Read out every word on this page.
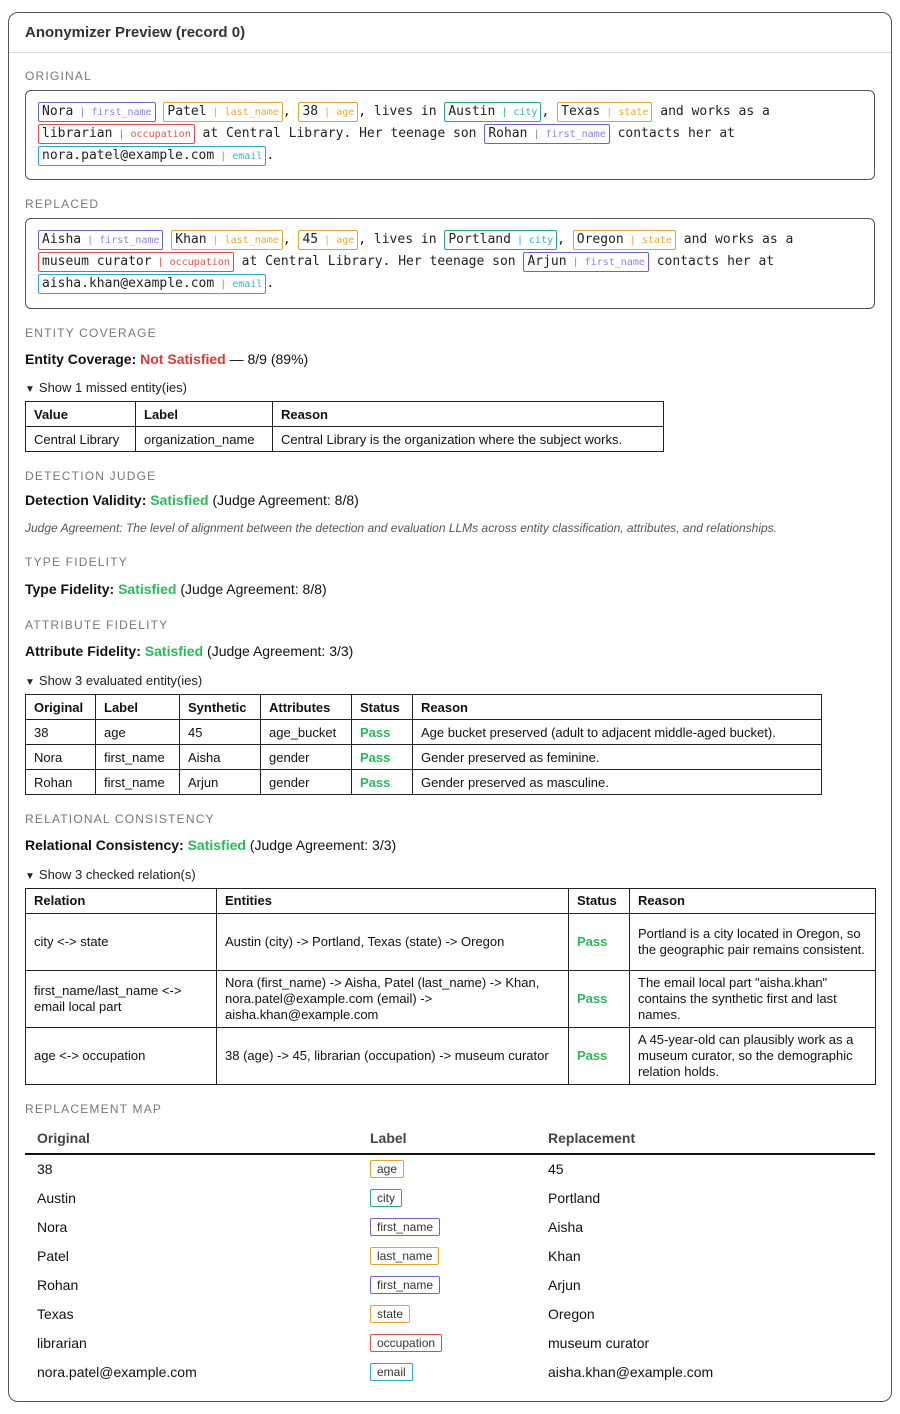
Anonymizer Preview (record 0)
ORIGINAL
Nora | first_name Patel | last_name , 38 | age , lives in Austin | city , Texas | state and works as a
librarian | occupation at Central Library. Her teenage son Rohan | first_name contacts her at
nora.patel@example.com | email .
REPLACED
Aisha | first_name Khan | last_name , 45 | age , lives in Portland | city , Oregon | state and works as a
museum curator | occupation at Central Library. Her teenage son Arjun | first_name contacts her at
aisha.khan@example.com | email .
ENTITY COVERAGE
Entity Coverage: Not Satisfied — 8/9 (89%)
▼ Show 1 missed entity(ies)
Value	Label	Reason
Central Library	organization_name	Central Library is the organization where the subject works.
DETECTION JUDGE
Detection Validity: Satisfied (Judge Agreement: 8/8)
Judge Agreement: The level of alignment between the detection and evaluation LLMs across entity classification, attributes, and relationships.
TYPE FIDELITY
Type Fidelity: Satisfied (Judge Agreement: 8/8)
ATTRIBUTE FIDELITY
Attribute Fidelity: Satisfied (Judge Agreement: 3/3)
▼ Show 3 evaluated entity(ies)
Original	Label	Synthetic	Attributes	Status	Reason
38	age	45	age_bucket	Pass	Age bucket preserved (adult to adjacent middle-aged bucket).
Nora	first_name	Aisha	gender	Pass	Gender preserved as feminine.
Rohan	first_name	Arjun	gender	Pass	Gender preserved as masculine.
RELATIONAL CONSISTENCY
Relational Consistency: Satisfied (Judge Agreement: 3/3)
▼ Show 3 checked relation(s)
Relation	Entities	Status	Reason
city <-> state	Austin (city) -> Portland, Texas (state) -> Oregon	Pass	Portland is a city located in Oregon, so the geographic pair remains consistent.
first_name/last_name <-> email local part	Nora (first_name) -> Aisha, Patel (last_name) -> Khan, nora.patel@example.com (email) -> aisha.khan@example.com	Pass	The email local part "aisha.khan" contains the synthetic first and last names.
age <-> occupation	38 (age) -> 45, librarian (occupation) -> museum curator	Pass	A 45-year-old can plausibly work as a museum curator, so the demographic relation holds.
REPLACEMENT MAP
Original	Label	Replacement
38	age	45
Austin	city	Portland
Nora	first_name	Aisha
Patel	last_name	Khan
Rohan	first_name	Arjun
Texas	state	Oregon
librarian	occupation	museum curator
nora.patel@example.com	email	aisha.khan@example.com
